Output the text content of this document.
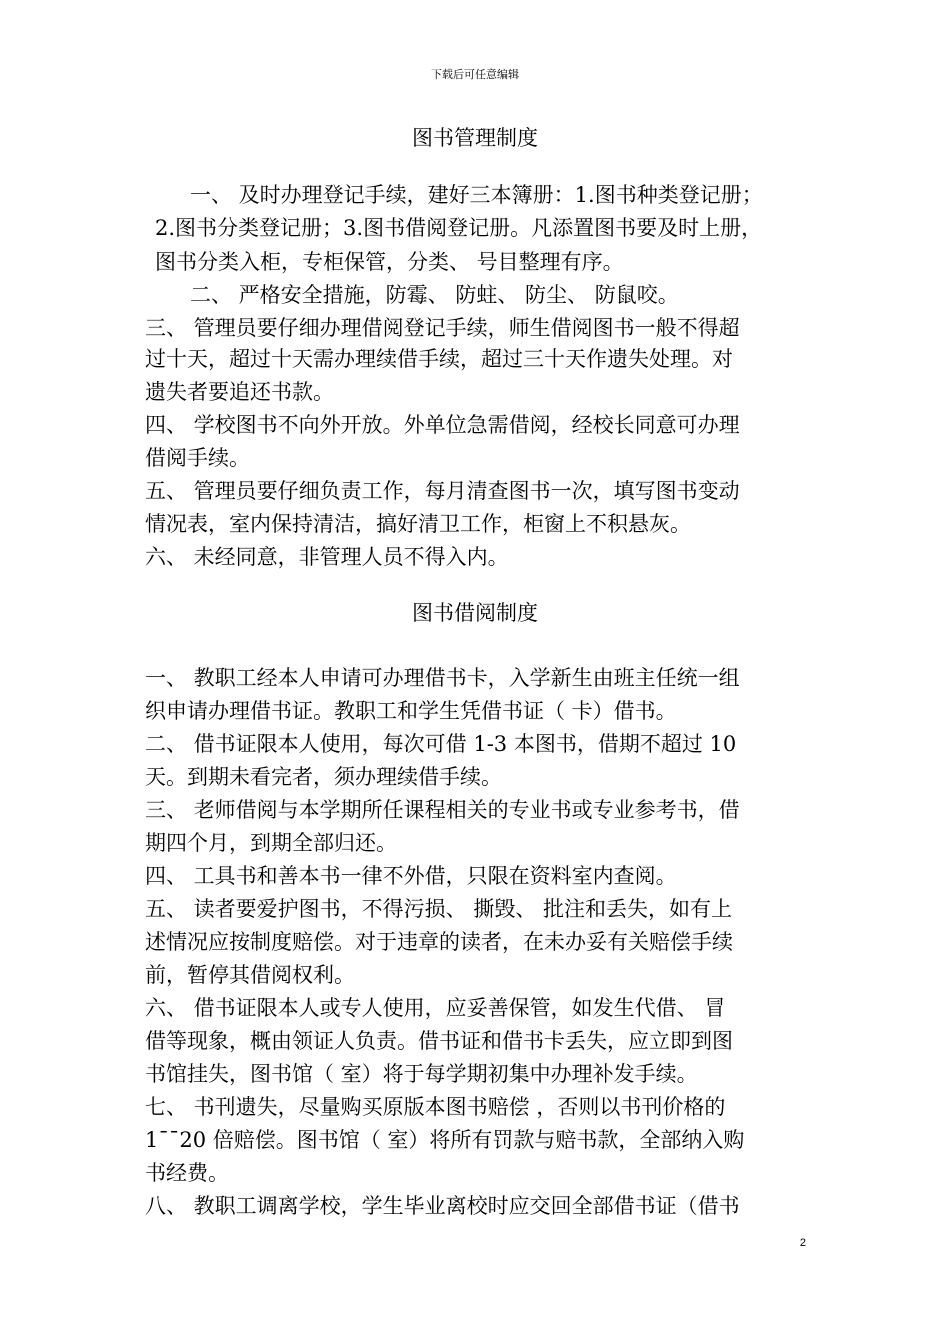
下载后可任意编辑
图书管理制度
一、 及时办理登记手续，建好三本簿册：1.图书种类登记册；
2.图书分类登记册；3.图书借阅登记册。凡添置图书要及时上册，
图书分类入柜，专柜保管，分类、 号目整理有序。
二、 严格安全措施，防霉、 防蛀、 防尘、 防鼠咬。
三、 管理员要仔细办理借阅登记手续，师生借阅图书一般不得超
过十天，超过十天需办理续借手续，超过三十天作遗失处理。对
遗失者要追还书款。
四、 学校图书不向外开放。外单位急需借阅，经校长同意可办理
借阅手续。
五、 管理员要仔细负责工作，每月清查图书一次，填写图书变动
情况表，室内保持清洁，搞好清卫工作，柜窗上不积悬灰。
六、 未经同意，非管理人员不得入内。
图书借阅制度
一、 教职工经本人申请可办理借书卡，入学新生由班主任统一组
织申请办理借书证。教职工和学生凭借书证（ 卡）借书。
二、 借书证限本人使用，每次可借 1-3 本图书，借期不超过 10
天。到期未看完者，须办理续借手续。
三、 老师借阅与本学期所任课程相关的专业书或专业参考书，借
期四个月，到期全部归还。
四、 工具书和善本书一律不外借，只限在资料室内查阅。
五、 读者要爱护图书，不得污损、 撕毁、 批注和丢失，如有上
述情况应按制度赔偿。对于违章的读者，在未办妥有关赔偿手续
前，暂停其借阅权利。
六、 借书证限本人或专人使用，应妥善保管，如发生代借、 冒
借等现象，概由领证人负责。借书证和借书卡丢失，应立即到图
书馆挂失，图书馆（ 室）将于每学期初集中办理补发手续。
七、 书刊遗失，尽量购买原版本图书赔偿 ，否则以书刊价格的
1¯¯20 倍赔偿。图书馆（ 室）将所有罚款与赔书款，全部纳入购
书经费。
八、 教职工调离学校，学生毕业离校时应交回全部借书证（借书
2
